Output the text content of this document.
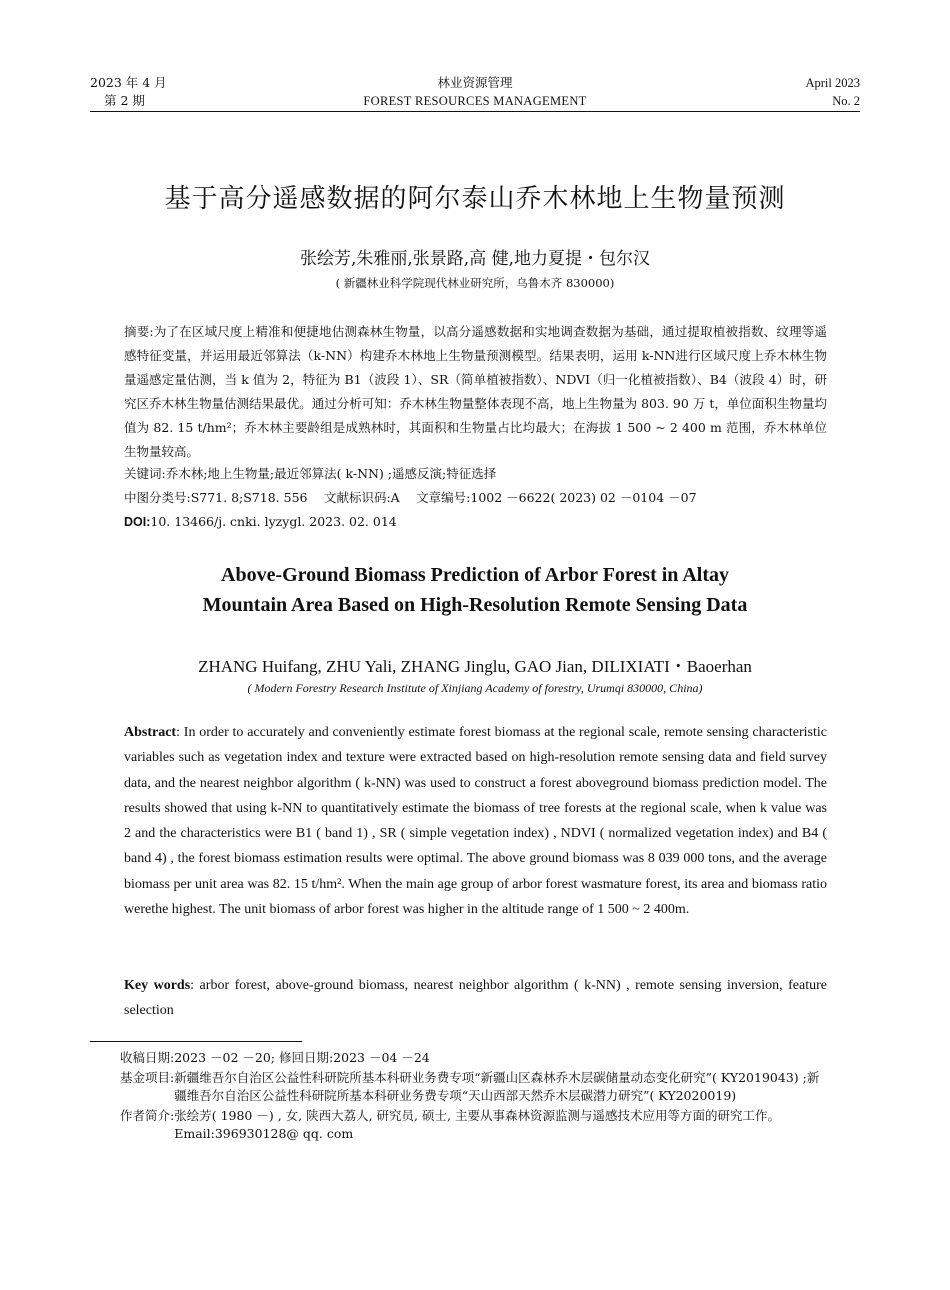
2023 年 4 月
第 2 期
林业资源管理
FOREST RESOURCES MANAGEMENT
April 2023
No. 2
基于高分遥感数据的阿尔泰山乔木林地上生物量预测
张绘芳,朱雅丽,张景路,高 健,地力夏提・包尔汉
( 新疆林业科学院现代林业研究所，乌鲁木齐 830000)
摘要:为了在区域尺度上精准和便捷地估测森林生物量，以高分遥感数据和实地调查数据为基础，通过提取植被指数、纹理等遥感特征变量，并运用最近邻算法（k-NN）构建乔木林地上生物量预测模型。结果表明，运用 k-NN进行区域尺度上乔木林生物量遥感定量估测，当 k 值为 2，特征为 B1（波段 1）、SR（简单植被指数）、NDVI（归一化植被指数）、B4（波段 4）时，研究区乔木林生物量估测结果最优。通过分析可知：乔木林生物量整体表现不高，地上生物量为 803. 90 万 t，单位面积生物量均值为 82. 15 t/hm²；乔木林主要龄组是成熟林时，其面积和生物量占比均最大；在海拔 1 500 ~ 2 400 m 范围，乔木林单位生物量较高。
关键词:乔木林;地上生物量;最近邻算法( k-NN) ;遥感反演;特征选择
中图分类号:S771. 8;S718. 556　 文献标识码:A　 文章编号:1002 －6622( 2023) 02 －0104 －07
DOI:10. 13466/j. cnki. lyzygl. 2023. 02. 014
Above-Ground Biomass Prediction of Arbor Forest in Altay
Mountain Area Based on High-Resolution Remote Sensing Data
ZHANG Huifang, ZHU Yali, ZHANG Jinglu, GAO Jian, DILIXIATI・Baoerhan
( Modern Forestry Research Institute of Xinjiang Academy of forestry, Urumqi 830000, China)
Abstract: In order to accurately and conveniently estimate forest biomass at the regional scale, remote sensing characteristic variables such as vegetation index and texture were extracted based on high-resolution remote sensing data and field survey data, and the nearest neighbor algorithm ( k-NN) was used to construct a forest aboveground biomass prediction model. The results showed that using k-NN to quantitatively estimate the biomass of tree forests at the regional scale, when k value was 2 and the characteristics were B1 ( band 1) , SR ( simple vegetation index) , NDVI ( normalized vegetation index) and B4 ( band 4) , the forest biomass estimation results were optimal. The above ground biomass was 8 039 000 tons, and the average biomass per unit area was 82. 15 t/hm². When the main age group of arbor forest wasmature forest, its area and biomass ratio werethe highest. The unit biomass of arbor forest was higher in the altitude range of 1 500 ~ 2 400m.
Key words: arbor forest, above-ground biomass, nearest neighbor algorithm ( k-NN) , remote sensing inversion, feature selection
收稿日期: 2023 －02 －20; 修回日期:2023 －04 －24
基金项目: 新疆维吾尔自治区公益性科研院所基本科研业务费专项“新疆山区森林乔木层碳储量动态变化研究”( KY2019043) ;新疆维吾尔自治区公益性科研院所基本科研业务费专项“天山西部天然乔木层碳潜力研究”( KY2020019)
作者简介: 张绘芳( 1980 －) , 女, 陕西大荔人, 研究员, 硕士, 主要从事森林资源监测与遥感技术应用等方面的研究工作。Email:396930128@ qq. com
